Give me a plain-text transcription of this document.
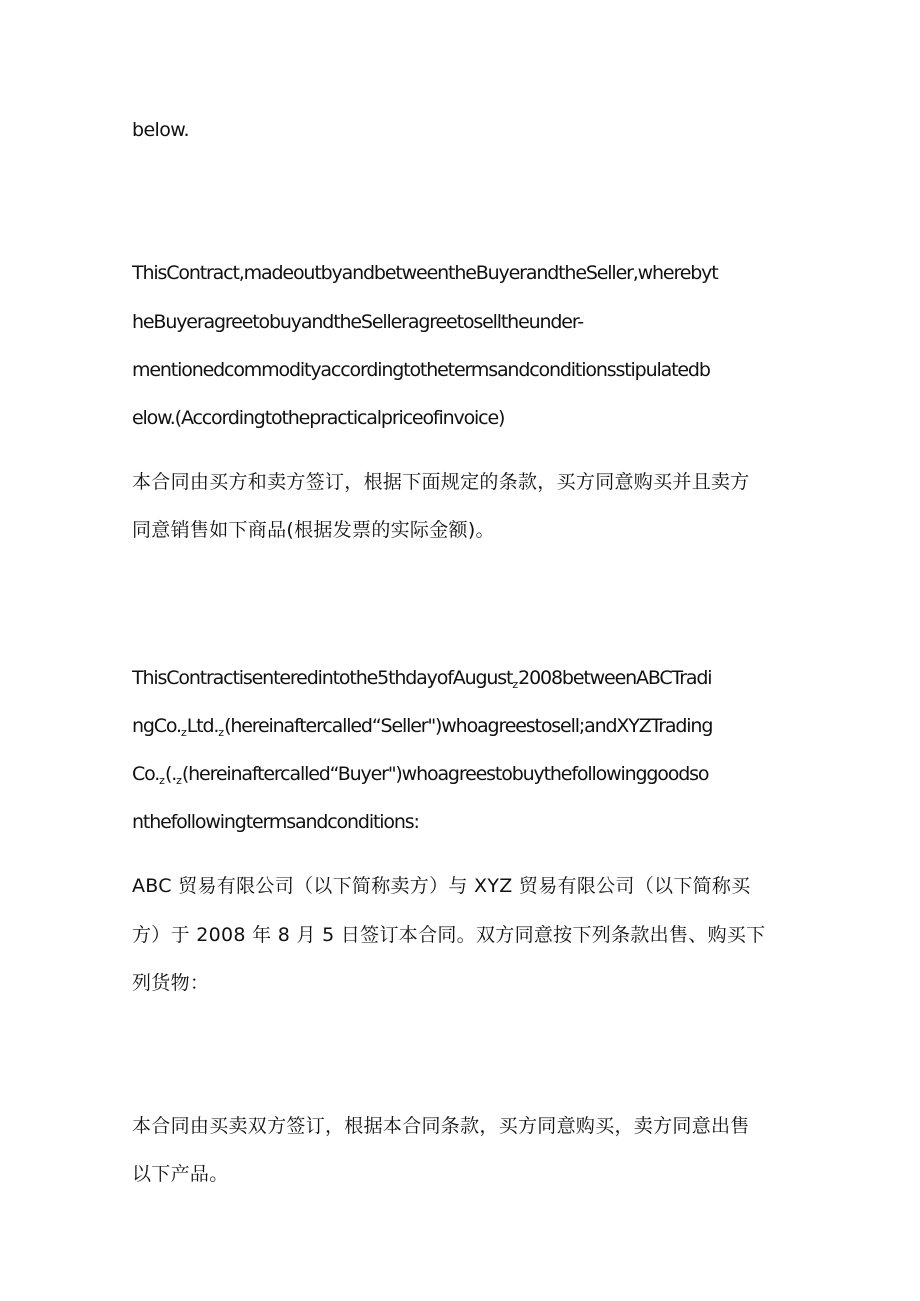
below.
ThisContract,madeoutbyandbetweentheBuyerandtheSeller,wherebyt
heBuyeragreetobuyandtheSelleragreetoselltheunder-
mentionedcommodityaccordingtothetermsandconditionsstipulatedb
elow.(Accordingtothepracticalpriceofinvoice)
本合同由买方和卖方签订，根据下面规定的条款，买方同意购买并且卖方
同意销售如下商品(根据发票的实际金额)。
ThisContractisenteredintothe5thdayofAugust$_z$2008betweenABCTradi
$ngCo._zLtd._z(hereinaftercalled“Seller")whoagreestosell;andXYZTrading$
$Co._z(._z(hereinaftercalled“Buyer")whoagreestobuythefollowinggoodso$
nthefollowingtermsandconditions:
ABC 贸易有限公司（以下简称卖方）与 XYZ 贸易有限公司（以下简称买
方）于 2008 年 8 月 5 日签订本合同。双方同意按下列条款出售、购买下
列货物：
本合同由买卖双方签订，根据本合同条款，买方同意购买，卖方同意出售
以下产品。
